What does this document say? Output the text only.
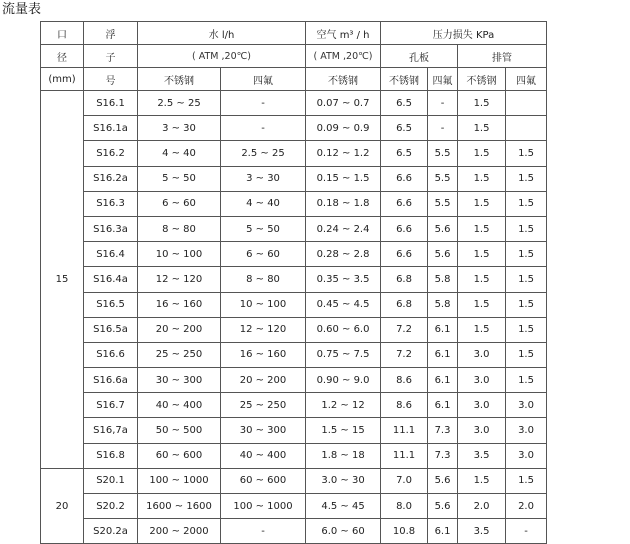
流量表
口	浮	水 l/h		空气 m³ / h	压力损失 KPa			
径	子	( ATM ,20℃)		( ATM ,20℃)	孔板		排管	
(mm)	号	不锈钢	四氟	不锈钢	不锈钢	四氟	不锈钢	四氟
15	S16.1	2.5 ~ 25	-	0.07 ~ 0.7	6.5	-	1.5	
	S16.1a	3 ~ 30	-	0.09 ~ 0.9	6.5	-	1.5	
	S16.2	4 ~ 40	2.5 ~ 25	0.12 ~ 1.2	6.5	5.5	1.5	1.5
	S16.2a	5 ~ 50	3 ~ 30	0.15 ~ 1.5	6.6	5.5	1.5	1.5
	S16.3	6 ~ 60	4 ~ 40	0.18 ~ 1.8	6.6	5.5	1.5	1.5
	S16.3a	8 ~ 80	5 ~ 50	0.24 ~ 2.4	6.6	5.6	1.5	1.5
	S16.4	10 ~ 100	6 ~ 60	0.28 ~ 2.8	6.6	5.6	1.5	1.5
	S16.4a	12 ~ 120	8 ~ 80	0.35 ~ 3.5	6.8	5.8	1.5	1.5
	S16.5	16 ~ 160	10 ~ 100	0.45 ~ 4.5	6.8	5.8	1.5	1.5
	S16.5a	20 ~ 200	12 ~ 120	0.60 ~ 6.0	7.2	6.1	1.5	1.5
	S16.6	25 ~ 250	16 ~ 160	0.75 ~ 7.5	7.2	6.1	3.0	1.5
	S16.6a	30 ~ 300	20 ~ 200	0.90 ~ 9.0	8.6	6.1	3.0	1.5
	S16.7	40 ~ 400	25 ~ 250	1.2 ~ 12	8.6	6.1	3.0	3.0
	S16,7a	50 ~ 500	30 ~ 300	1.5 ~ 15	11.1	7.3	3.0	3.0
	S16.8	60 ~ 600	40 ~ 400	1.8 ~ 18	11.1	7.3	3.5	3.0
20	S20.1	100 ~ 1000	60 ~ 600	3.0 ~ 30	7.0	5.6	1.5	1.5
	S20.2	1600 ~ 1600	100 ~ 1000	4.5 ~ 45	8.0	5.6	2.0	2.0
	S20.2a	200 ~ 2000	-	6.0 ~ 60	10.8	6.1	3.5	-
